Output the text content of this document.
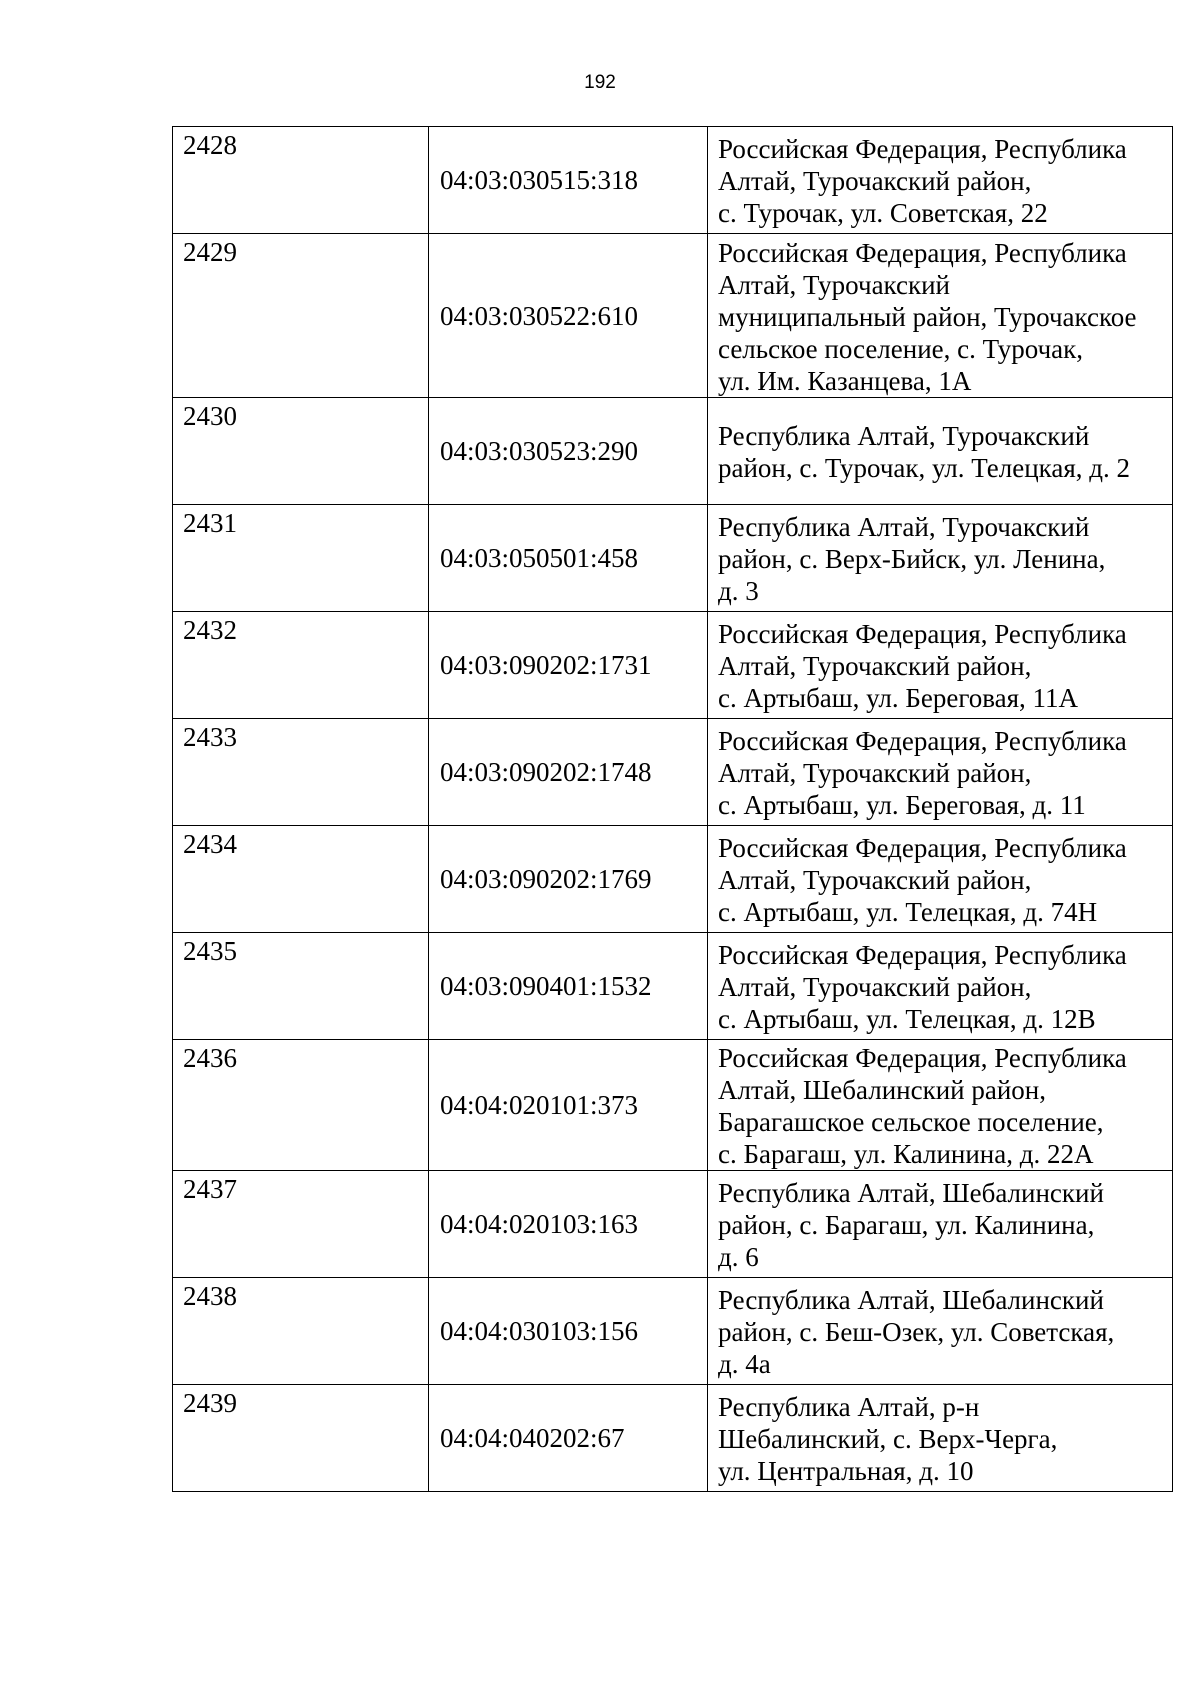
192
2428	04:03:030515:318	Российская Федерация, Республика
Алтай, Турочакский район,
с. Турочак, ул. Советская, 22

2429	04:03:030522:610	Российская Федерация, Республика
Алтай, Турочакский
муниципальный район, Турочакское
сельское поселение, с. Турочак,
ул. Им. Казанцева, 1А

2430	04:03:030523:290	Республика Алтай, Турочакский
район, с. Турочак, ул. Телецкая, д. 2

2431	04:03:050501:458	Республика Алтай, Турочакский
район, с. Верх-Бийск, ул. Ленина,
д. 3

2432	04:03:090202:1731	Российская Федерация, Республика
Алтай, Турочакский район,
с. Артыбаш, ул. Береговая, 11А

2433	04:03:090202:1748	Российская Федерация, Республика
Алтай, Турочакский район,
с. Артыбаш, ул. Береговая, д. 11

2434	04:03:090202:1769	Российская Федерация, Республика
Алтай, Турочакский район,
с. Артыбаш, ул. Телецкая, д. 74Н

2435	04:03:090401:1532	Российская Федерация, Республика
Алтай, Турочакский район,
с. Артыбаш, ул. Телецкая, д. 12В

2436	04:04:020101:373	Российская Федерация, Республика
Алтай, Шебалинский район,
Барагашское сельское поселение,
с. Барагаш, ул. Калинина, д. 22А

2437	04:04:020103:163	Республика Алтай, Шебалинский
район, с. Барагаш, ул. Калинина,
д. 6

2438	04:04:030103:156	Республика Алтай, Шебалинский
район, с. Беш-Озек, ул. Советская,
д. 4а

2439	04:04:040202:67	Республика Алтай, р-н
Шебалинский, с. Верх-Черга,
ул. Центральная, д. 10
